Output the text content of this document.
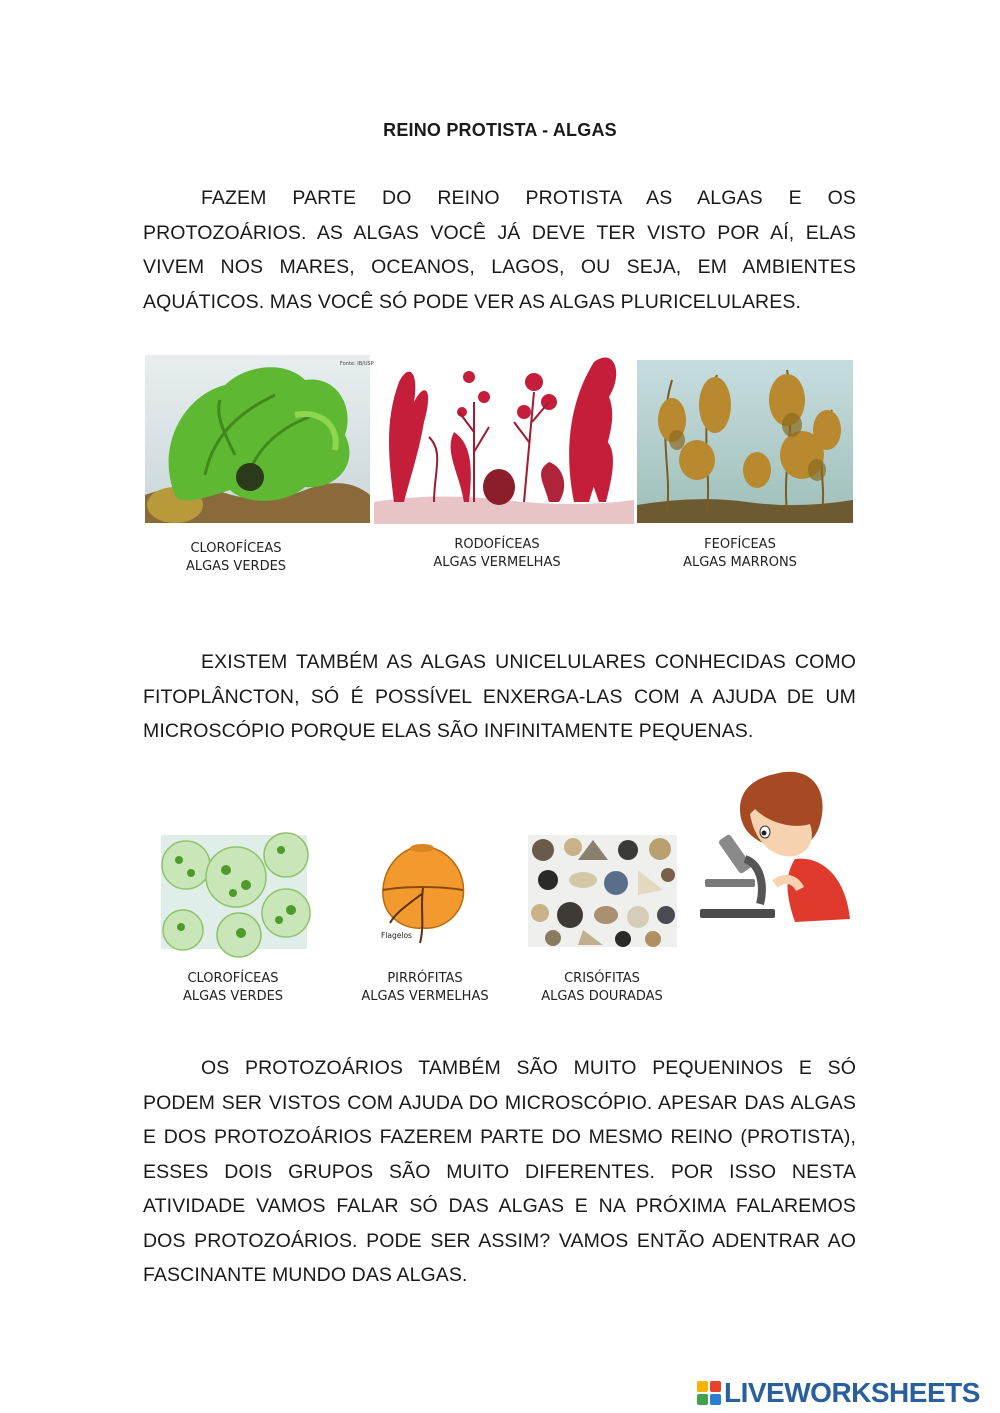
REINO PROTISTA - ALGAS

FAZEM PARTE DO REINO PROTISTA AS ALGAS E OS PROTOZOÁRIOS. AS ALGAS VOCÊ JÁ DEVE TER VISTO POR AÍ, ELAS VIVEM NOS MARES, OCEANOS, LAGOS, OU SEJA, EM AMBIENTES AQUÁTICOS. MAS VOCÊ SÓ PODE VER AS ALGAS PLURICELULARES.

Fonte: IB/USP
CLOROFÍCEAS
ALGAS VERDES
RODOFÍCEAS
ALGAS VERMELHAS
FEOFÍCEAS
ALGAS MARRONS

EXISTEM TAMBÉM AS ALGAS UNICELULARES CONHECIDAS COMO FITOPLÂNCTON, SÓ É POSSÍVEL ENXERGA-LAS COM A AJUDA DE UM MICROSCÓPIO PORQUE ELAS SÃO INFINITAMENTE PEQUENAS.

Flagelos
CLOROFÍCEAS
ALGAS VERDES
PIRRÓFITAS
ALGAS VERMELHAS
CRISÓFITAS
ALGAS DOURADAS

OS PROTOZOÁRIOS TAMBÉM SÃO MUITO PEQUENINOS E SÓ PODEM SER VISTOS COM AJUDA DO MICROSCÓPIO. APESAR DAS ALGAS E DOS PROTOZOÁRIOS FAZEREM PARTE DO MESMO REINO (PROTISTA), ESSES DOIS GRUPOS SÃO MUITO DIFERENTES. POR ISSO NESTA ATIVIDADE VAMOS FALAR SÓ DAS ALGAS E NA PRÓXIMA FALAREMOS DOS PROTOZOÁRIOS. PODE SER ASSIM? VAMOS ENTÃO ADENTRAR AO FASCINANTE MUNDO DAS ALGAS.

LIVEWORKSHEETS
